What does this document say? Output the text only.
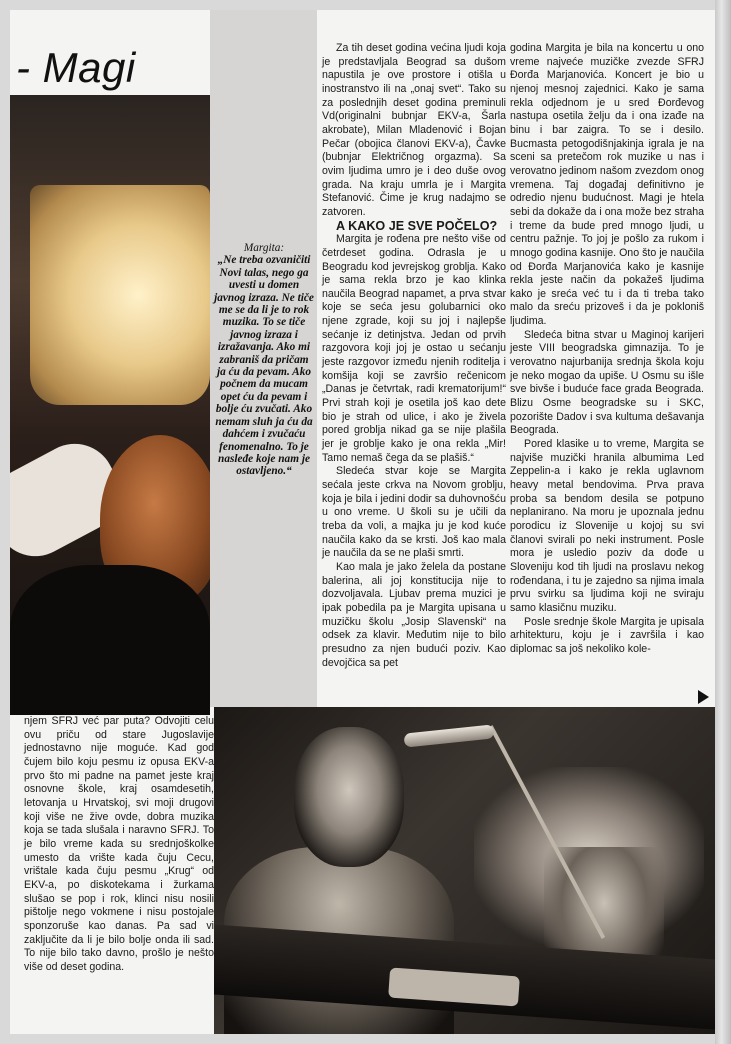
- Magi
Margita:
„Ne treba ozvaničiti Novi talas, nego ga uvesti u domen javnog izraza. Ne tiče me se da li je to rok muzika. To se tiče javnog izraza i izražavanja. Ako mi zabraniš da pričam ja ću da pevam. Ako počnem da mucam opet ću da pevam i bolje ću zvučati. Ako nemam sluh ja ću da dahćem i zvučaću fenomenalno. To je nasleđe koje nam je ostavljeno.“

Za tih deset godina većina ljudi koja je predstavljala Beograd sa dušom napustila je ove prostore i otišla u inostranstvo ili na „onaj svet“. Tako su za poslednjih deset godina preminuli Vd(originalni bubnjar EKV-a, Šarla akrobate), Milan Mladenović i Bojan Pečar (obojica članovi EKV-a), Čavke (bubnjar Električnog orgazma). Sa ovim ljudima umro je i deo duše ovog grada. Na kraju umrla je i Margita Stefanović. Čime je krug nadajmo se zatvoren.

A KAKO JE SVE POČELO?

Margita je rođena pre nešto više od četrdeset godina. Odrasla je u Beogradu kod jevrejskog groblja. Kako je sama rekla brzo je kao klinka naučila Beograd napamet, a prva stvar koje se seća jesu golubarnici oko njene zgrade, koji su joj i najlepše sećanje iz detinjstva. Jedan od prvih razgovora koji joj je ostao u sećanju jeste razgovor između njenih roditelja i komšija koji se završio rečenicom „Danas je četvrtak, radi krematorijum!“ Prvi strah koji je osetila još kao dete bio je strah od ulice, i ako je živela pored groblja nikad ga se nije plašila jer je groblje kako je ona rekla „Mir! Tamo nemaš čega da se plašiš.“

Sledeća stvar koje se Margita sećala jeste crkva na Novom groblju, koja je bila i jedini dodir sa duhovnošću u ono vreme. U školi su je učili da treba da voli, a majka ju je kod kuće naučila kako da se krsti. Još kao mala je naučila da se ne plaši smrti.

Kao mala je jako želela da postane balerina, ali joj konstitucija nije to dozvoljavala. Ljubav prema muzici je ipak pobedila pa je Margita upisana u muzičku školu „Josip Slavenski“ na odsek za klavir. Međutim nije to bilo presudno za njen budući poziv. Kao devojčica sa pet

godina Margita je bila na koncertu u ono vreme najveće muzičke zvezde SFRJ Đorđa Marjanovića. Koncert je bio u njenoj mesnoj zajednici. Kako je sama rekla odjednom je u sred Đorđevog nastupa osetila želju da i ona izađe na binu i bar zaigra. To se i desilo. Bucmasta petogodišnjakinja igrala je na sceni sa pretečom rok muzike u nas i verovatno jedinom našom zvezdom onog vremena. Taj događaj definitivno je odredio njenu budućnost. Magi je htela sebi da dokaže da i ona može bez straha i treme da bude pred mnogo ljudi, u centru pažnje. To joj je pošlo za rukom i mnogo godina kasnije. Ono što je naučila od Đorđa Marjanovića kako je kasnije rekla jeste način da pokažeš ljudima kako je sreća već tu i da ti treba tako malo da sreću prizoveš i da je pokloniš ljudima.

Sledeća bitna stvar u Maginoj karijeri jeste VIII beogradska gimnazija. To je verovatno najurbanija srednja škola koju je neko mogao da upiše. U Osmu su išle sve bivše i buduće face grada Beograda. Blizu Osme beogradske su i SKC, pozorište Dadov i sva kultuma dešavanja Beograda.

Pored klasike u to vreme, Margita se najviše muzički hranila albumima Led Zeppelin-a i kako je rekla uglavnom heavy metal bendovima. Prva prava proba sa bendom desila se potpuno neplanirano. Na moru je upoznala jednu porodicu iz Slovenije u kojoj su svi članovi svirali po neki instrument. Posle mora je usledio poziv da dođe u Sloveniju kod tih ljudi na proslavu nekog rođendana, i tu je zajedno sa njima imala prvu svirku sa ljudima koji ne sviraju samo klasičnu muziku.

Posle srednje škole Margita je upisala arhitekturu, koju je i završila i kao diplomac sa još nekoliko kole-

njem SFRJ već par puta? Odvojiti celu ovu priču od stare Jugoslavije jednostavno nije moguće. Kad god čujem bilo koju pesmu iz opusa EKV-a prvo što mi padne na pamet jeste kraj osnovne škole, kraj osamdesetih, letovanja u Hrvatskoj, svi moji drugovi koji više ne žive ovde, dobra muzika koja se tada slušala i naravno SFRJ. To je bilo vreme kada su srednjoškolke umesto da vrište kada čuju Cecu, vrištale kada čuju pesmu „Krug“ od EKV-a, po diskotekama i žurkama slušao se pop i rok, klinci nisu nosili pištolje nego vokmene i nisu postojale sponzoruše kao danas. Pa sad vi zaključite da li je bilo bolje onda ili sad. To nije bilo tako davno, prošlo je nešto više od deset godina.
